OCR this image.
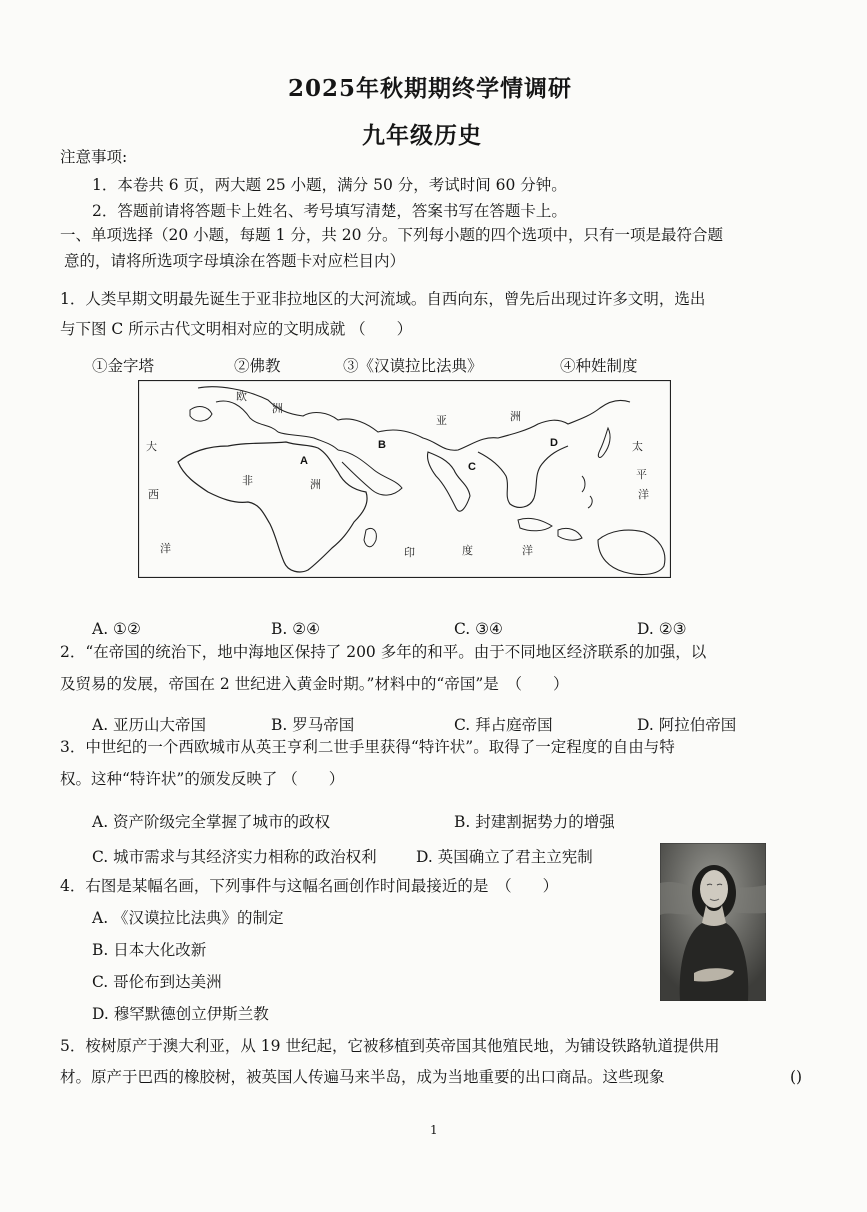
2025年秋期期终学情调研
九年级历史
注意事项:
1．本卷共 6 页，两大题 25 小题，满分 50 分，考试时间 60 分钟。
2．答题前请将答题卡上姓名、考号填写清楚，答案书写在答题卡上。
一、单项选择（20 小题，每题 1 分，共 20 分。下列每小题的四个选项中，只有一项是最符合题
意的，请将所选项字母填涂在答题卡对应栏目内）
1．人类早期文明最先诞生于亚非拉地区的大河流域。自西向东，曾先后出现过许多文明，选出
与下图 C 所示古代文明相对应的文明成就 （　　）
①金字塔	②佛教	③《汉谟拉比法典》	④种姓制度
欧
洲
亚	洲
非	洲
大
西
洋
太
平
洋
印	度	洋
A
B
C
D
A. ①②	B. ②④	C. ③④	D. ②③
2．“在帝国的统治下，地中海地区保持了 200 多年的和平。由于不同地区经济联系的加强，以
及贸易的发展，帝国在 2 世纪进入黄金时期。”材料中的“帝国”是　（　　）
A. 亚历山大帝国	B. 罗马帝国	C. 拜占庭帝国	D. 阿拉伯帝国
3．中世纪的一个西欧城市从英王亨利二世手里获得“特许状”。取得了一定程度的自由与特
权。这种“特许状”的颁发反映了 （　　）
A. 资产阶级完全掌握了城市的政权	B. 封建割据势力的增强
C. 城市需求与其经济实力相称的政治权利	D. 英国确立了君主立宪制
4．右图是某幅名画，下列事件与这幅名画创作时间最接近的是　（　　）
A. 《汉谟拉比法典》的制定
B. 日本大化改新
C. 哥伦布到达美洲
D. 穆罕默德创立伊斯兰教
5．桉树原产于澳大利亚，从 19 世纪起，它被移植到英帝国其他殖民地，为铺设铁路轨道提供用
材。原产于巴西的橡胶树，被英国人传遍马来半岛，成为当地重要的出口商品。这些现象	()
1
